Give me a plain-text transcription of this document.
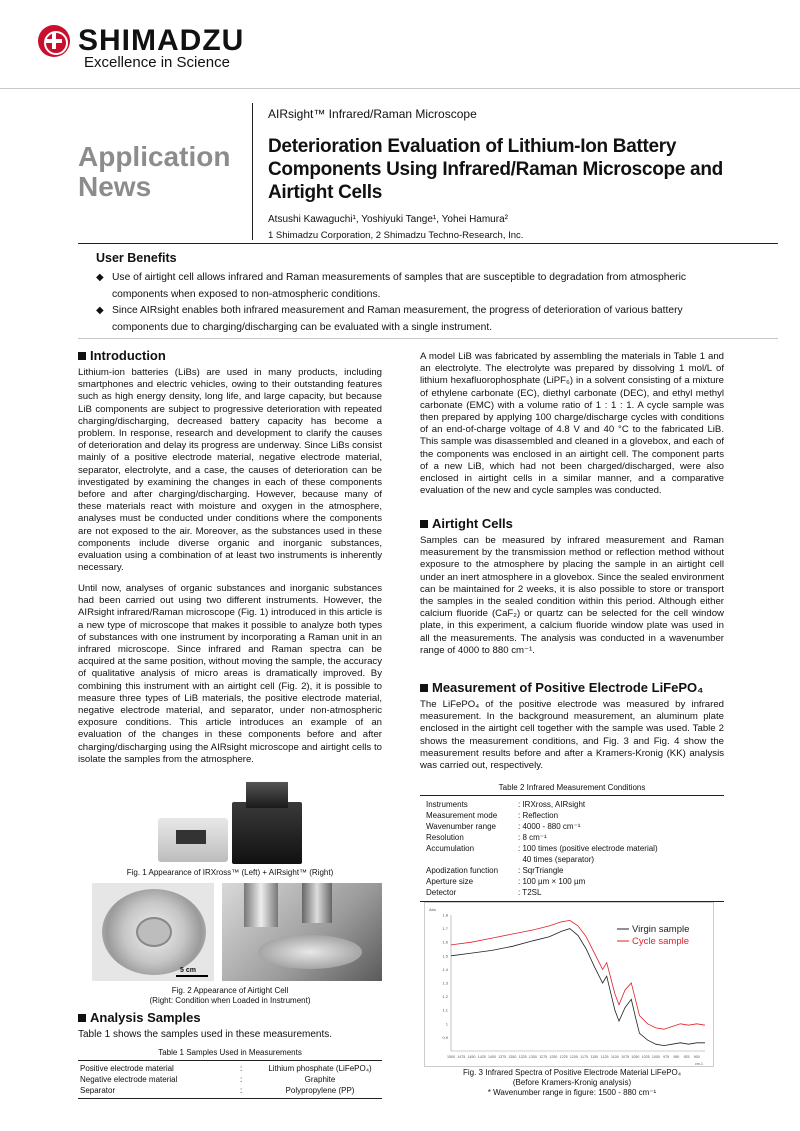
SHIMADZU
Excellence in Science
Application
News
AIRsight™ Infrared/Raman Microscope
Deterioration Evaluation of Lithium-Ion Battery Components Using Infrared/Raman Microscope and Airtight Cells
Atsushi Kawaguchi¹, Yoshiyuki Tange¹, Yohei Hamura²
1 Shimadzu Corporation, 2 Shimadzu Techno-Research, Inc.
User Benefits
◆ Use of airtight cell allows infrared and Raman measurements of samples that are susceptible to degradation from atmospheric components when exposed to non-atmospheric conditions.
◆ Since AIRsight enables both infrared measurement and Raman measurement, the progress of deterioration of various battery components due to charging/discharging can be evaluated with a single instrument.
Introduction
Lithium-ion batteries (LiBs) are used in many products, including smartphones and electric vehicles, owing to their outstanding features such as high energy density, long life, and large capacity, but because LiB components are subject to progressive deterioration with repeated charging/discharging, decreased battery capacity has become a problem. In response, research and development to clarify the causes of deterioration and delay its progress are underway. Since LiBs consist mainly of a positive electrode material, negative electrode material, separator, electrolyte, and a case, the causes of deterioration can be investigated by examining the changes in each of these components before and after charging/discharging. However, because many of these materials react with moisture and oxygen in the atmosphere, analyses must be conducted under conditions where the components are not exposed to the air. Moreover, as the substances used in these components include diverse organic and inorganic substances, evaluation using a combination of at least two instruments is inherently necessary.
Until now, analyses of organic substances and inorganic substances had been carried out using two different instruments. However, the AIRsight infrared/Raman microscope (Fig. 1) introduced in this article is a new type of microscope that makes it possible to analyze both types of substances with one instrument by incorporating a Raman unit in an infrared microscope. Since infrared and Raman spectra can be acquired at the same position, without moving the sample, the accuracy of qualitative analysis of micro areas is dramatically improved. By combining this instrument with an airtight cell (Fig. 2), it is possible to measure three types of LiB materials, the positive electrode material, negative electrode material, and separator, under non-atmospheric exposure conditions. This article introduces an example of an evaluation of the changes in these components before and after charging/discharging using the AIRsight microscope and airtight cells to isolate the samples from the atmosphere.
Fig. 1 Appearance of IRXross™ (Left) + AIRsight™ (Right)
5 cm
Fig. 2 Appearance of Airtight Cell
(Right: Condition when Loaded in Instrument)
Analysis Samples
Table 1 shows the samples used in these measurements.
Table 1 Samples Used in Measurements
Positive electrode material	:	Lithium phosphate (LiFePO₄)
Negative electrode material	:	Graphite
Separator	:	Polypropylene (PP)
A model LiB was fabricated by assembling the materials in Table 1 and an electrolyte. The electrolyte was prepared by dissolving 1 mol/L of lithium hexafluorophosphate (LiPF₆) in a solvent consisting of a mixture of ethylene carbonate (EC), diethyl carbonate (DEC), and ethyl methyl carbonate (EMC) with a volume ratio of 1 : 1 : 1. A cycle sample was then prepared by applying 100 charge/discharge cycles with conditions of an end-of-charge voltage of 4.8 V and 40 °C to the fabricated LiB. This sample was disassembled and cleaned in a glovebox, and each of the components was enclosed in an airtight cell. The component parts of a new LiB, which had not been charged/discharged, were also enclosed in airtight cells in a similar manner, and a comparative evaluation of the new and cycle samples was conducted.
Airtight Cells
Samples can be measured by infrared measurement and Raman measurement by the transmission method or reflection method without exposure to the atmosphere by placing the sample in an airtight cell under an inert atmosphere in a glovebox. Since the sealed environment can be maintained for 2 weeks, it is also possible to store or transport the samples in the sealed condition within this period. Although either calcium fluoride (CaF₂) or quartz can be selected for the cell window plate, in this experiment, a calcium fluoride window plate was used in all the measurements. The analysis was conducted in a wavenumber range of 4000 to 880 cm⁻¹.
Measurement of Positive Electrode LiFePO₄
The LiFePO₄ of the positive electrode was measured by infrared measurement. In the background measurement, an aluminum plate enclosed in the airtight cell together with the sample was used. Table 2 shows the measurement conditions, and Fig. 3 and Fig. 4 show the measurement results before and after a Kramers-Kronig (KK) analysis was carried out, respectively.
Table 2 Infrared Measurement Conditions
Instruments	: IRXross, AIRsight
Measurement mode	: Reflection
Wavenumber range	: 4000 - 880 cm⁻¹
Resolution	: 8 cm⁻¹
Accumulation	: 100 times (positive electrode material)
	40 times (separator)
Apodization function	: SqrTriangle
Aperture size	: 100 µm × 100 µm
Detector	: T2SL
Abs
0.9
1
1.1
1.2
1.3
1.4
1.5
1.6
1.7
1.8
1500 1475 1450 1425 1400 1375 1350 1325 1300 1275 1250 1225 1200 1175 1150 1125 1100 1075 1050 1025 1000 975 950 925 900
cm-1
Virgin sample
Cycle sample
Fig. 3 Infrared Spectra of Positive Electrode Material LiFePO₄
(Before Kramers-Kronig analysis)
* Wavenumber range in figure: 1500 - 880 cm⁻¹
